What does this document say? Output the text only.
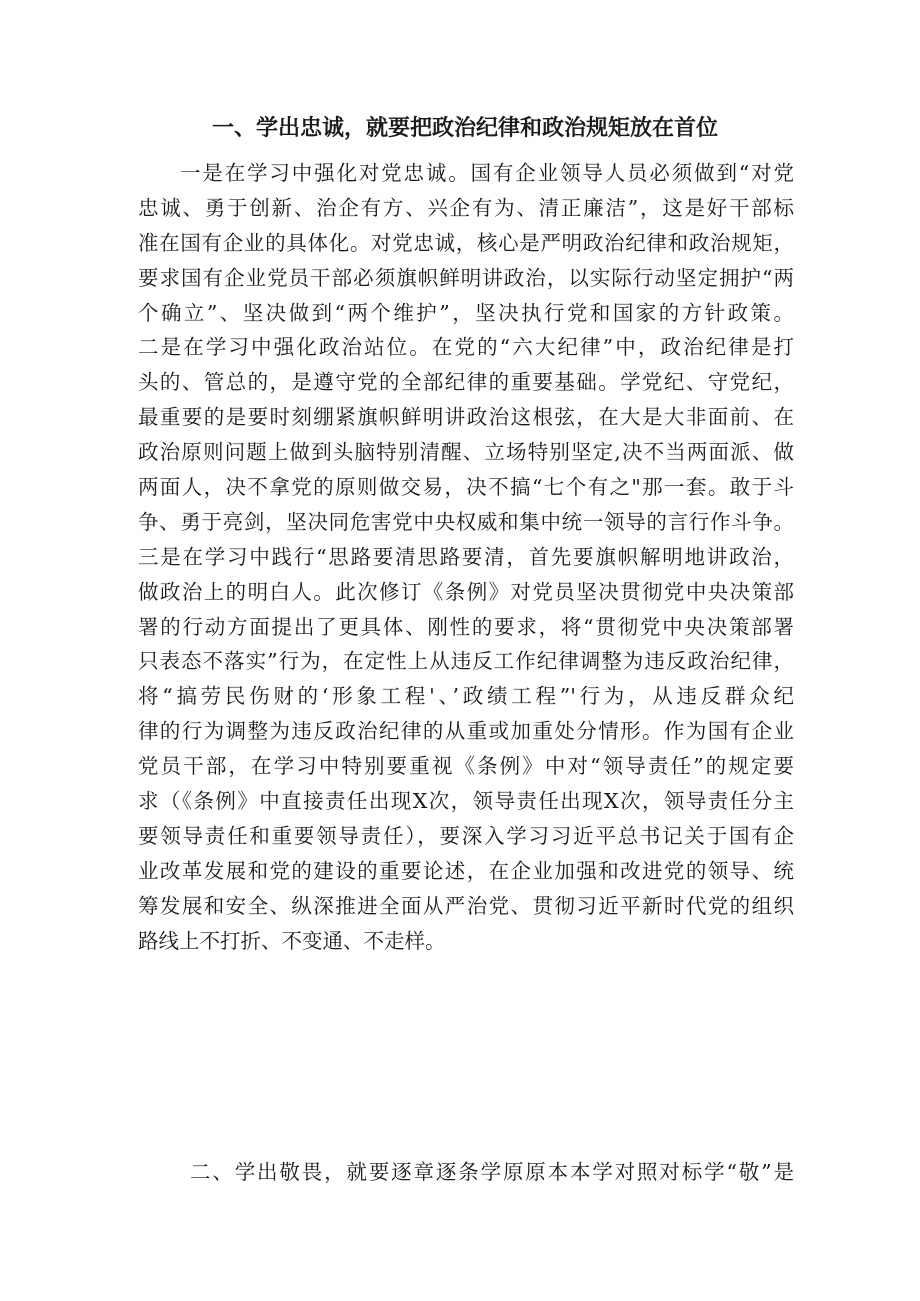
一、学出忠诚，就要把政治纪律和政治规矩放在首位
一是在学习中强化对党忠诚。国有企业领导人员必须做到“对党
忠诚、勇于创新、治企有方、兴企有为、清正廉洁”，这是好干部标
准在国有企业的具体化。对党忠诚，核心是严明政治纪律和政治规矩，
要求国有企业党员干部必须旗帜鲜明讲政治，以实际行动坚定拥护“两
个确立”、坚决做到“两个维护”，坚决执行党和国家的方针政策。
二是在学习中强化政治站位。在党的“六大纪律”中，政治纪律是打
头的、管总的，是遵守党的全部纪律的重要基础。学党纪、守党纪，
最重要的是要时刻绷紧旗帜鲜明讲政治这根弦，在大是大非面前、在
政治原则问题上做到头脑特别清醒、立场特别坚定,决不当两面派、做
两面人，决不拿党的原则做交易，决不搞“七个有之"那一套。敢于斗
争、勇于亮剑，坚决同危害党中央权威和集中统一领导的言行作斗争。
三是在学习中践行“思路要清思路要清，首先要旗帜解明地讲政治，
做政治上的明白人。此次修订《条例》对党员坚决贯彻党中央决策部
署的行动方面提出了更具体、刚性的要求，将“贯彻党中央决策部署
只表态不落实”行为，在定性上从违反工作纪律调整为违反政治纪律，
将“搞劳民伤财的‘形象工程'、’政绩工程”'行为，从违反群众纪
律的行为调整为违反政治纪律的从重或加重处分情形。作为国有企业
党员干部，在学习中特别要重视《条例》中对“领导责任”的规定要
求（《条例》中直接责任出现X次，领导责任出现X次，领导责任分主
要领导责任和重要领导责任），要深入学习习近平总书记关于国有企
业改革发展和党的建设的重要论述，在企业加强和改进党的领导、统
筹发展和安全、纵深推进全面从严治党、贯彻习近平新时代党的组织
路线上不打折、不变通、不走样。
二、学出敬畏，就要逐章逐条学原原本本学对照对标学“敬”是
